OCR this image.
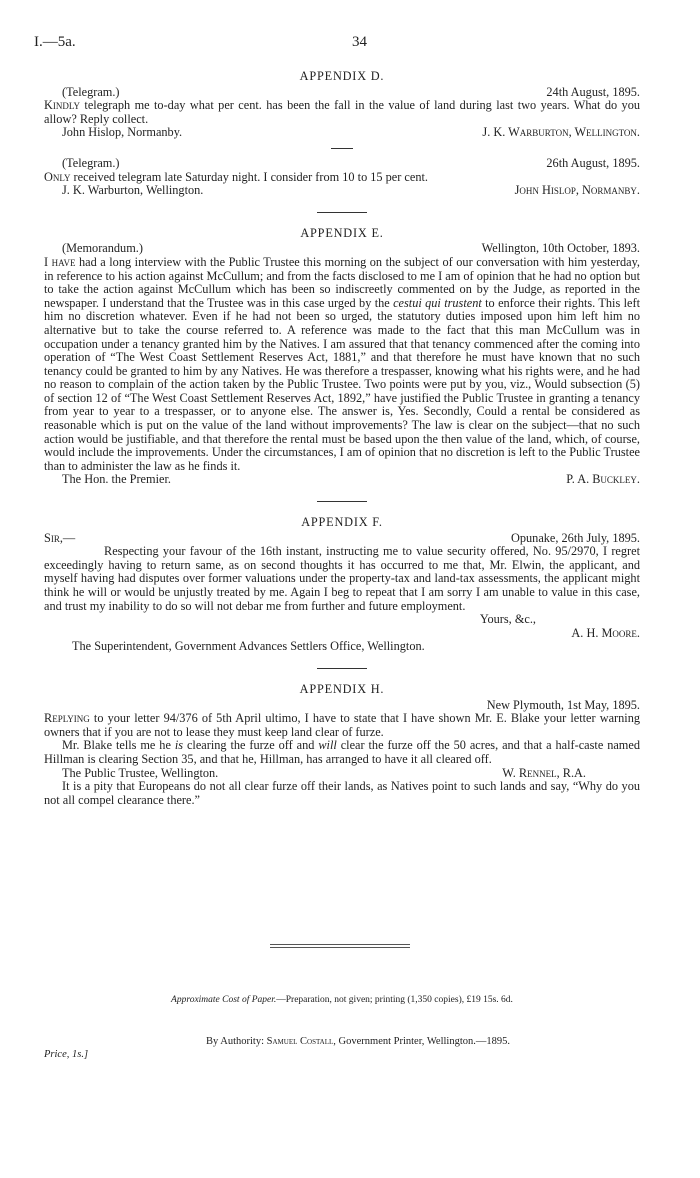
I.—5a.	34
APPENDIX D.
(Telegram.)	24th August, 1895.

Kindly telegraph me to-day what per cent. has been the fall in the value of land during last two years. What do you allow? Reply collect.

John Hislop, Normanby.	J. K. Warburton, Wellington.
(Telegram.)	26th August, 1895.

Only received telegram late Saturday night. I consider from 10 to 15 per cent.

J. K. Warburton, Wellington.	John Hislop, Normanby.
APPENDIX E.
(Memorandum.)	Wellington, 10th October, 1893.

I have had a long interview with the Public Trustee this morning on the subject of our conversation with him yesterday, in reference to his action against McCullum; and from the facts disclosed to me I am of opinion that he had no option but to take the action against McCullum which has been so indiscreetly commented on by the Judge, as reported in the newspaper. I understand that the Trustee was in this case urged by the cestui qui trustent to enforce their rights. This left him no discretion whatever. Even if he had not been so urged, the statutory duties imposed upon him left him no alternative but to take the course referred to. A reference was made to the fact that this man McCullum was in occupation under a tenancy granted him by the Natives. I am assured that that tenancy commenced after the coming into operation of “The West Coast Settlement Reserves Act, 1881,” and that therefore he must have known that no such tenancy could be granted to him by any Natives. He was therefore a trespasser, knowing what his rights were, and he had no reason to complain of the action taken by the Public Trustee. Two points were put by you, viz., Would subsection (5) of section 12 of “The West Coast Settlement Reserves Act, 1892,” have justified the Public Trustee in granting a tenancy from year to year to a trespasser, or to anyone else. The answer is, Yes. Secondly, Could a rental be considered as reasonable which is put on the value of the land without improvements? The law is clear on the subject—that no such action would be justifiable, and that therefore the rental must be based upon the then value of the land, which, of course, would include the improvements. Under the circumstances, I am of opinion that no discretion is left to the Public Trustee than to administer the law as he finds it.

The Hon. the Premier.	P. A. Buckley.
APPENDIX F.
Sir,—	Opunake, 26th July, 1895.

Respecting your favour of the 16th instant, instructing me to value security offered, No. 95/2970, I regret exceedingly having to return same, as on second thoughts it has occurred to me that, Mr. Elwin, the applicant, and myself having had disputes over former valuations under the property-tax and land-tax assessments, the applicant might think he will or would be unjustly treated by me. Again I beg to repeat that I am sorry I am unable to value in this case, and trust my inability to do so will not debar me from further and future employment.

Yours, &c.,
A. H. Moore.
The Superintendent, Government Advances Settlers Office, Wellington.
APPENDIX H.
New Plymouth, 1st May, 1895.

Replying to your letter 94/376 of 5th April ultimo, I have to state that I have shown Mr. E. Blake your letter warning owners that if you are not to lease they must keep land clear of furze.

Mr. Blake tells me he is clearing the furze off and will clear the furze off the 50 acres, and that a half-caste named Hillman is clearing Section 35, and that he, Hillman, has arranged to have it all cleared off.

The Public Trustee, Wellington.	W. Rennel, R.A.

It is a pity that Europeans do not all clear furze off their lands, as Natives point to such lands and say, “Why do you not all compel clearance there.”

Approximate Cost of Paper.—Preparation, not given; printing (1,350 copies), £19 15s. 6d.
By Authority: Samuel Costall, Government Printer, Wellington.—1895.
Price, 1s.]
